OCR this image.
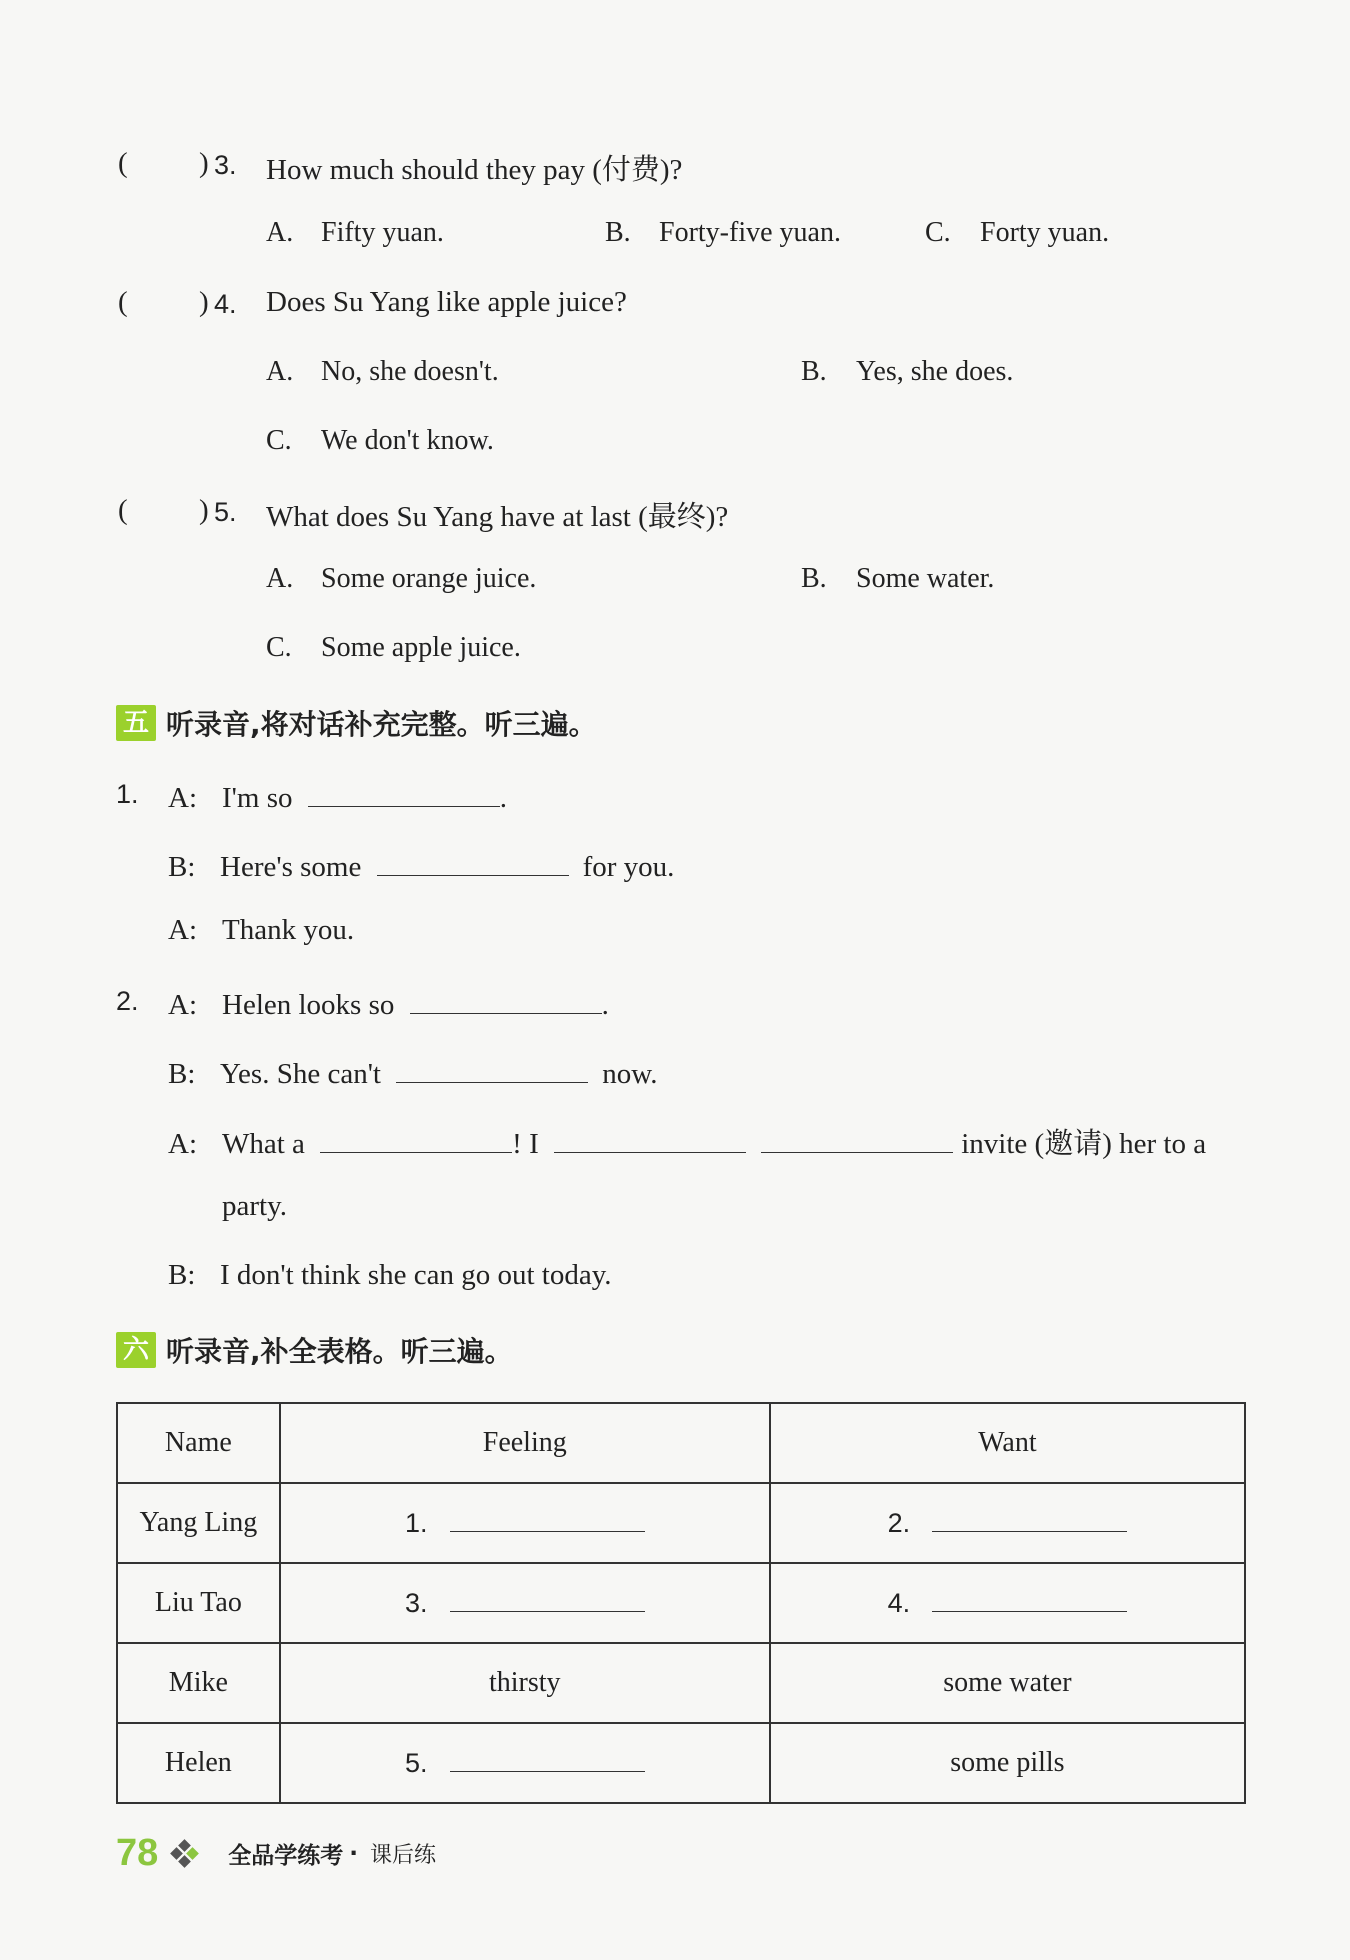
( ) 3. How much should they pay (付费)?
A. Fifty yuan.	B. Forty-five yuan.	C. Forty yuan.
( ) 4. Does Su Yang like apple juice?
A. No, she doesn't.	B. Yes, she does.
C. We don't know.
( ) 5. What does Su Yang have at last (最终)?
A. Some orange juice.	B. Some water.
C. Some apple juice.
五 听录音,将对话补充完整。听三遍。
1. A: I'm so	.
B: Here's some	for you.
A: Thank you.
2. A: Helen looks so	.
B: Yes. She can't	now.
A: What a	! I	invite (邀请) her to a
party.
B: I don't think she can go out today.
六 听录音,补全表格。听三遍。
Name	Feeling	Want
Yang Ling	1.	2.
Liu Tao	3.	4.
Mike	thirsty	some water
Helen	5.	some pills
78	全品学练考 · 课后练
